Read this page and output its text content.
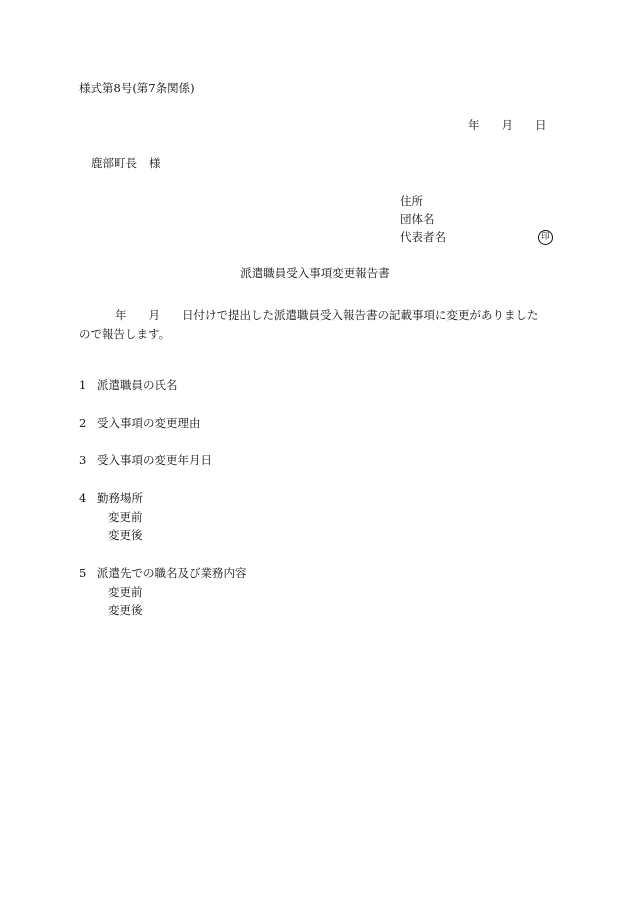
様式第8号(第7条関係)
年 月 日
鹿部町長 様
住所
団体名
代表者名	印
派遣職員受入事項変更報告書
年 月 日付けで提出した派遣職員受入報告書の記載事項に変更がありました
ので報告します。
1 派遣職員の氏名
2 受入事項の変更理由
3 受入事項の変更年月日
4 勤務場所
変更前
変更後
5 派遣先での職名及び業務内容
変更前
変更後
